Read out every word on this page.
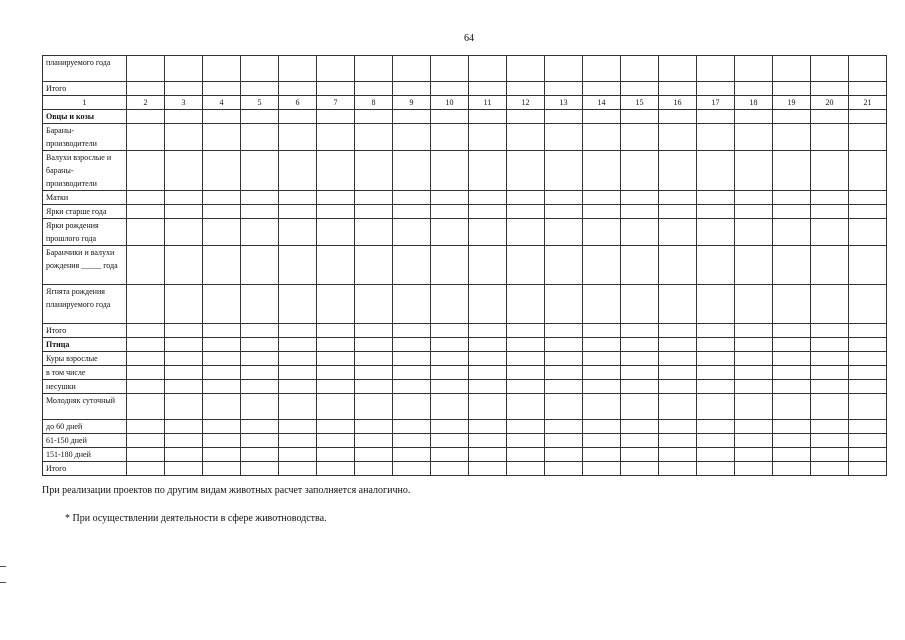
64
планируемого года																				
Итого																				
1	2	3	4	5	6	7	8	9	10	11	12	13	14	15	16	17	18	19	20	21
Овцы и козы																				
Бараны-производители																				
Валухи взрослые и бараны-производители																				
Матки																				
Ярки старше года																				
Ярки рождения прошлого года																				
Баранчики и валухи рождения _____ года																				
Ягнята рождения планируемого года																				
Итого																				
Птица																				
Куры взрослые																				
в том числе																				
несушки																				
Молодняк суточный																				
до 60 дней																				
61-150 дней																				
151-180 дней																				
Итого																				
При реализации проектов по другим видам животных расчет заполняется аналогично.
* При осуществлении деятельности в сфере животноводства.
